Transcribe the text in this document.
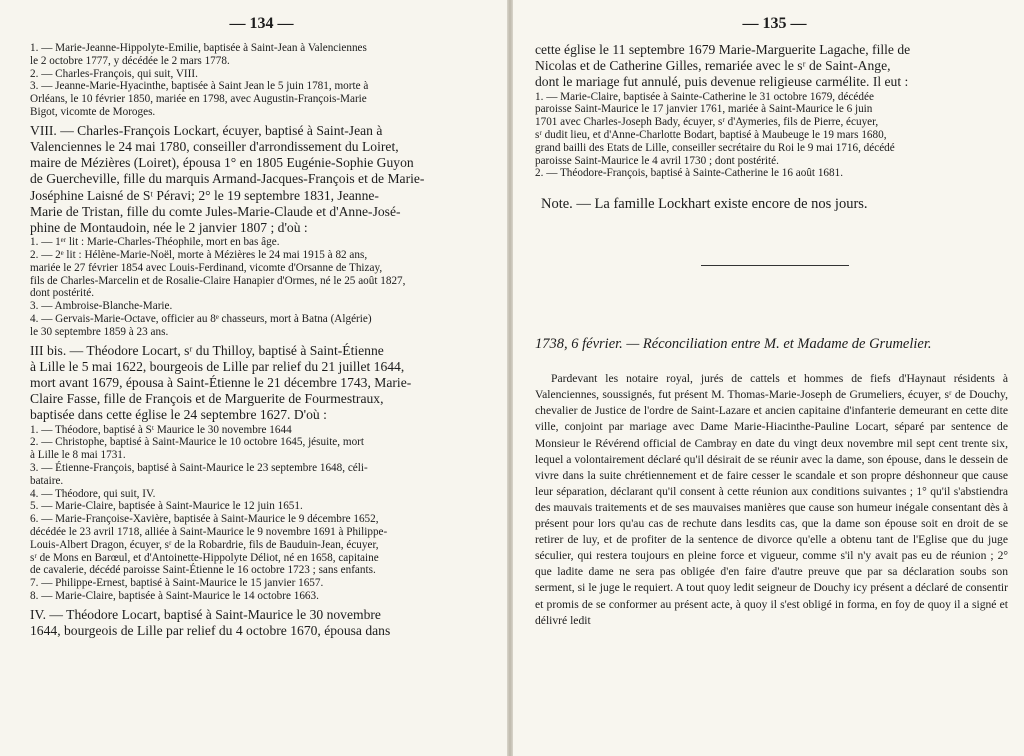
— 134 —

1. — Marie-Jeanne-Hippolyte-Emilie, baptisée à Saint-Jean à Valenciennes

le 2 octobre 1777, y décédée le 2 mars 1778.

2. — Charles-François, qui suit, VIII.

3. — Jeanne-Marie-Hyacinthe, baptisée à Saint Jean le 5 juin 1781, morte à

Orléans, le 10 février 1850, mariée en 1798, avec Augustin-François-Marie

Bigot, vicomte de Moroges.

VIII. — Charles-François Lockart, écuyer, baptisé à Saint-Jean à

Valenciennes le 24 mai 1780, conseiller d'arrondissement du Loiret,

maire de Mézières (Loiret), épousa 1° en 1805 Eugénie-Sophie Guyon

de Guercheville, fille du marquis Armand-Jacques-François et de Marie-

Joséphine Laisné de Sᵗ Péravi; 2° le 19 septembre 1831, Jeanne-

Marie de Tristan, fille du comte Jules-Marie-Claude et d'Anne-José-

phine de Montaudoin, née le 2 janvier 1807 ; d'où :

1. — 1ᵉʳ lit : Marie-Charles-Théophile, mort en bas âge.

2. — 2ᵉ lit : Hélène-Marie-Noël, morte à Mézières le 24 mai 1915 à 82 ans,

mariée le 27 février 1854 avec Louis-Ferdinand, vicomte d'Orsanne de Thizay,

fils de Charles-Marcelin et de Rosalie-Claire Hanapier d'Ormes, né le 25 août 1827,

dont postérité.

3. — Ambroise-Blanche-Marie.

4. — Gervais-Marie-Octave, officier au 8ᵉ chasseurs, mort à Batna (Algérie)

le 30 septembre 1859 à 23 ans.

III bis. — Théodore Locart, sʳ du Thilloy, baptisé à Saint-Étienne

à Lille le 5 mai 1622, bourgeois de Lille par relief du 21 juillet 1644,

mort avant 1679, épousa à Saint-Étienne le 21 décembre 1743, Marie-

Claire Fasse, fille de François et de Marguerite de Fourmestraux,

baptisée dans cette église le 24 septembre 1627. D'où :

1. — Théodore, baptisé à Sᵗ Maurice le 30 novembre 1644

2. — Christophe, baptisé à Saint-Maurice le 10 octobre 1645, jésuite, mort

à Lille le 8 mai 1731.

3. — Étienne-François, baptisé à Saint-Maurice le 23 septembre 1648, céli-

bataire.

4. — Théodore, qui suit, IV.

5. — Marie-Claire, baptisée à Saint-Maurice le 12 juin 1651.

6. — Marie-Françoise-Xavière, baptisée à Saint-Maurice le 9 décembre 1652,

décédée le 23 avril 1718, alliée à Saint-Maurice le 9 novembre 1691 à Philippe-

Louis-Albert Dragon, écuyer, sʳ de la Robardrie, fils de Bauduin-Jean, écuyer,

sʳ de Mons en Barœul, et d'Antoinette-Hippolyte Déliot, né en 1658, capitaine

de cavalerie, décédé paroisse Saint-Étienne le 16 octobre 1723 ; sans enfants.

7. — Philippe-Ernest, baptisé à Saint-Maurice le 15 janvier 1657.

8. — Marie-Claire, baptisée à Saint-Maurice le 14 octobre 1663.

IV. — Théodore Locart, baptisé à Saint-Maurice le 30 novembre

1644, bourgeois de Lille par relief du 4 octobre 1670, épousa dans

— 135 —

cette église le 11 septembre 1679 Marie-Marguerite Lagache, fille de

Nicolas et de Catherine Gilles, remariée avec le sʳ de Saint-Ange,

dont le mariage fut annulé, puis devenue religieuse carmélite. Il eut :

1. — Marie-Claire, baptisée à Sainte-Catherine le 31 octobre 1679, décédée

paroisse Saint-Maurice le 17 janvier 1761, mariée à Saint-Maurice le 6 juin

1701 avec Charles-Joseph Bady, écuyer, sʳ d'Aymeries, fils de Pierre, écuyer,

sʳ dudit lieu, et d'Anne-Charlotte Bodart, baptisé à Maubeuge le 19 mars 1680,

grand bailli des Etats de Lille, conseiller secrétaire du Roi le 9 mai 1716, décédé

paroisse Saint-Maurice le 4 avril 1730 ; dont postérité.

2. — Théodore-François, baptisé à Sainte-Catherine le 16 août 1681.

Note. — La famille Lockhart existe encore de nos jours.

1738, 6 février. — Réconciliation entre M. et Madame de Grumelier.

Pardevant les notaire royal, jurés de cattels et hommes de fiefs d'Haynaut résidents à Valenciennes, soussignés, fut présent M. Thomas-Marie-Joseph de Grumeliers, écuyer, sʳ de Douchy, chevalier de Justice de l'ordre de Saint-Lazare et ancien capitaine d'infanterie demeurant en cette dite ville, conjoint par mariage avec Dame Marie-Hiacinthe-Pauline Locart, séparé par sentence de Monsieur le Révérend official de Cambray en date du vingt deux novembre mil sept cent trente six, lequel a volontairement déclaré qu'il désirait de se réunir avec la dame, son épouse, dans le dessein de vivre dans la suite chrétiennement et de faire cesser le scandale et son propre déshonneur que cause leur séparation, déclarant qu'il consent à cette réunion aux conditions suivantes ; 1° qu'il s'abstiendra des mauvais traitements et de ses mauvaises manières que cause son humeur inégale consentant dès à présent pour lors qu'au cas de rechute dans lesdits cas, que la dame son épouse soit en droit de se retirer de luy, et de profiter de la sentence de divorce qu'elle a obtenu tant de l'Eglise que du juge séculier, qui restera toujours en pleine force et vigueur, comme s'il n'y avait pas eu de réunion ; 2° que ladite dame ne sera pas obligée d'en faire d'autre preuve que par sa déclaration soubs son serment, si le juge le requiert. A tout quoy ledit seigneur de Douchy icy présent a déclaré de consentir et promis de se conformer au présent acte, à quoy il s'est obligé in forma, en foy de quoy il a signé et délivré ledit
